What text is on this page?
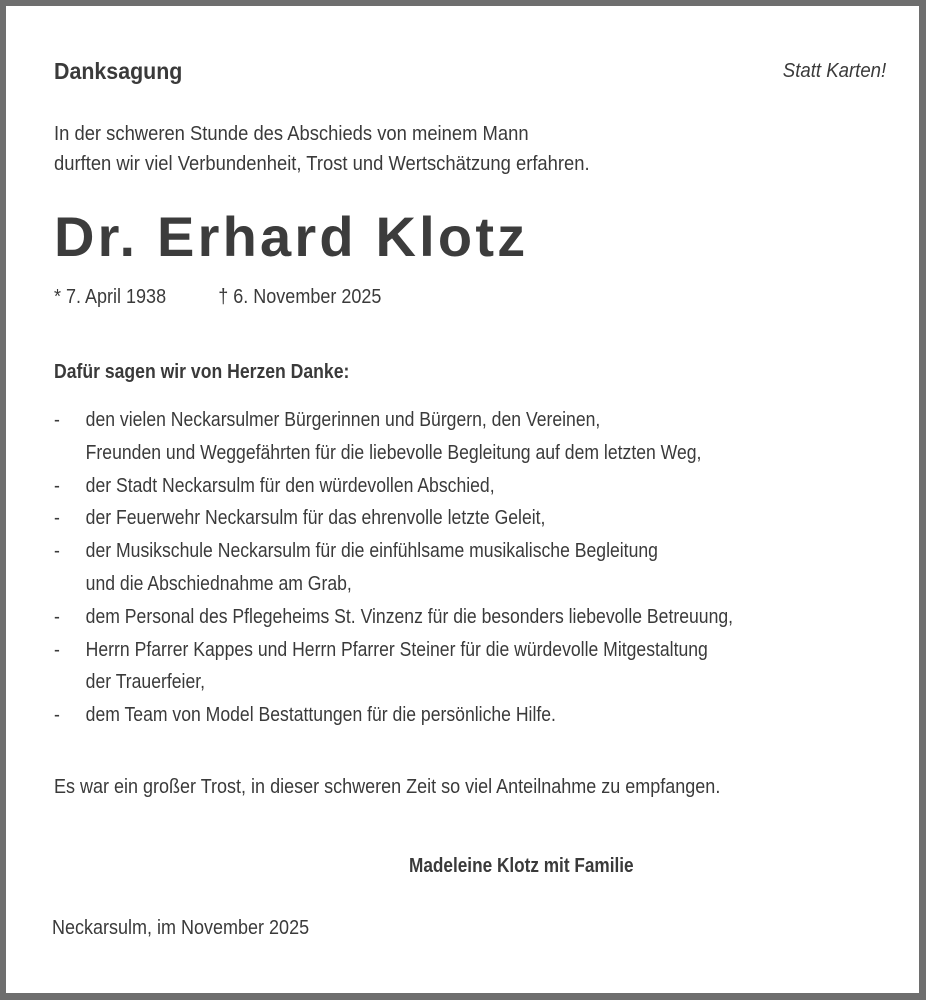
Danksagung	Statt Karten!
In der schweren Stunde des Abschieds von meinem Mann
durften wir viel Verbundenheit, Trost und Wertschätzung erfahren.
Dr. Erhard Klotz
* 7. April 1938	† 6. November 2025
Dafür sagen wir von Herzen Danke:
- den vielen Neckarsulmer Bürgerinnen und Bürgern, den Vereinen,
Freunden und Weggefährten für die liebevolle Begleitung auf dem letzten Weg,
- der Stadt Neckarsulm für den würdevollen Abschied,
- der Feuerwehr Neckarsulm für das ehrenvolle letzte Geleit,
- der Musikschule Neckarsulm für die einfühlsame musikalische Begleitung
und die Abschiednahme am Grab,
- dem Personal des Pflegeheims St. Vinzenz für die besonders liebevolle Betreuung,
- Herrn Pfarrer Kappes und Herrn Pfarrer Steiner für die würdevolle Mitgestaltung
der Trauerfeier,
- dem Team von Model Bestattungen für die persönliche Hilfe.
Es war ein großer Trost, in dieser schweren Zeit so viel Anteilnahme zu empfangen.
Madeleine Klotz mit Familie
Neckarsulm, im November 2025
